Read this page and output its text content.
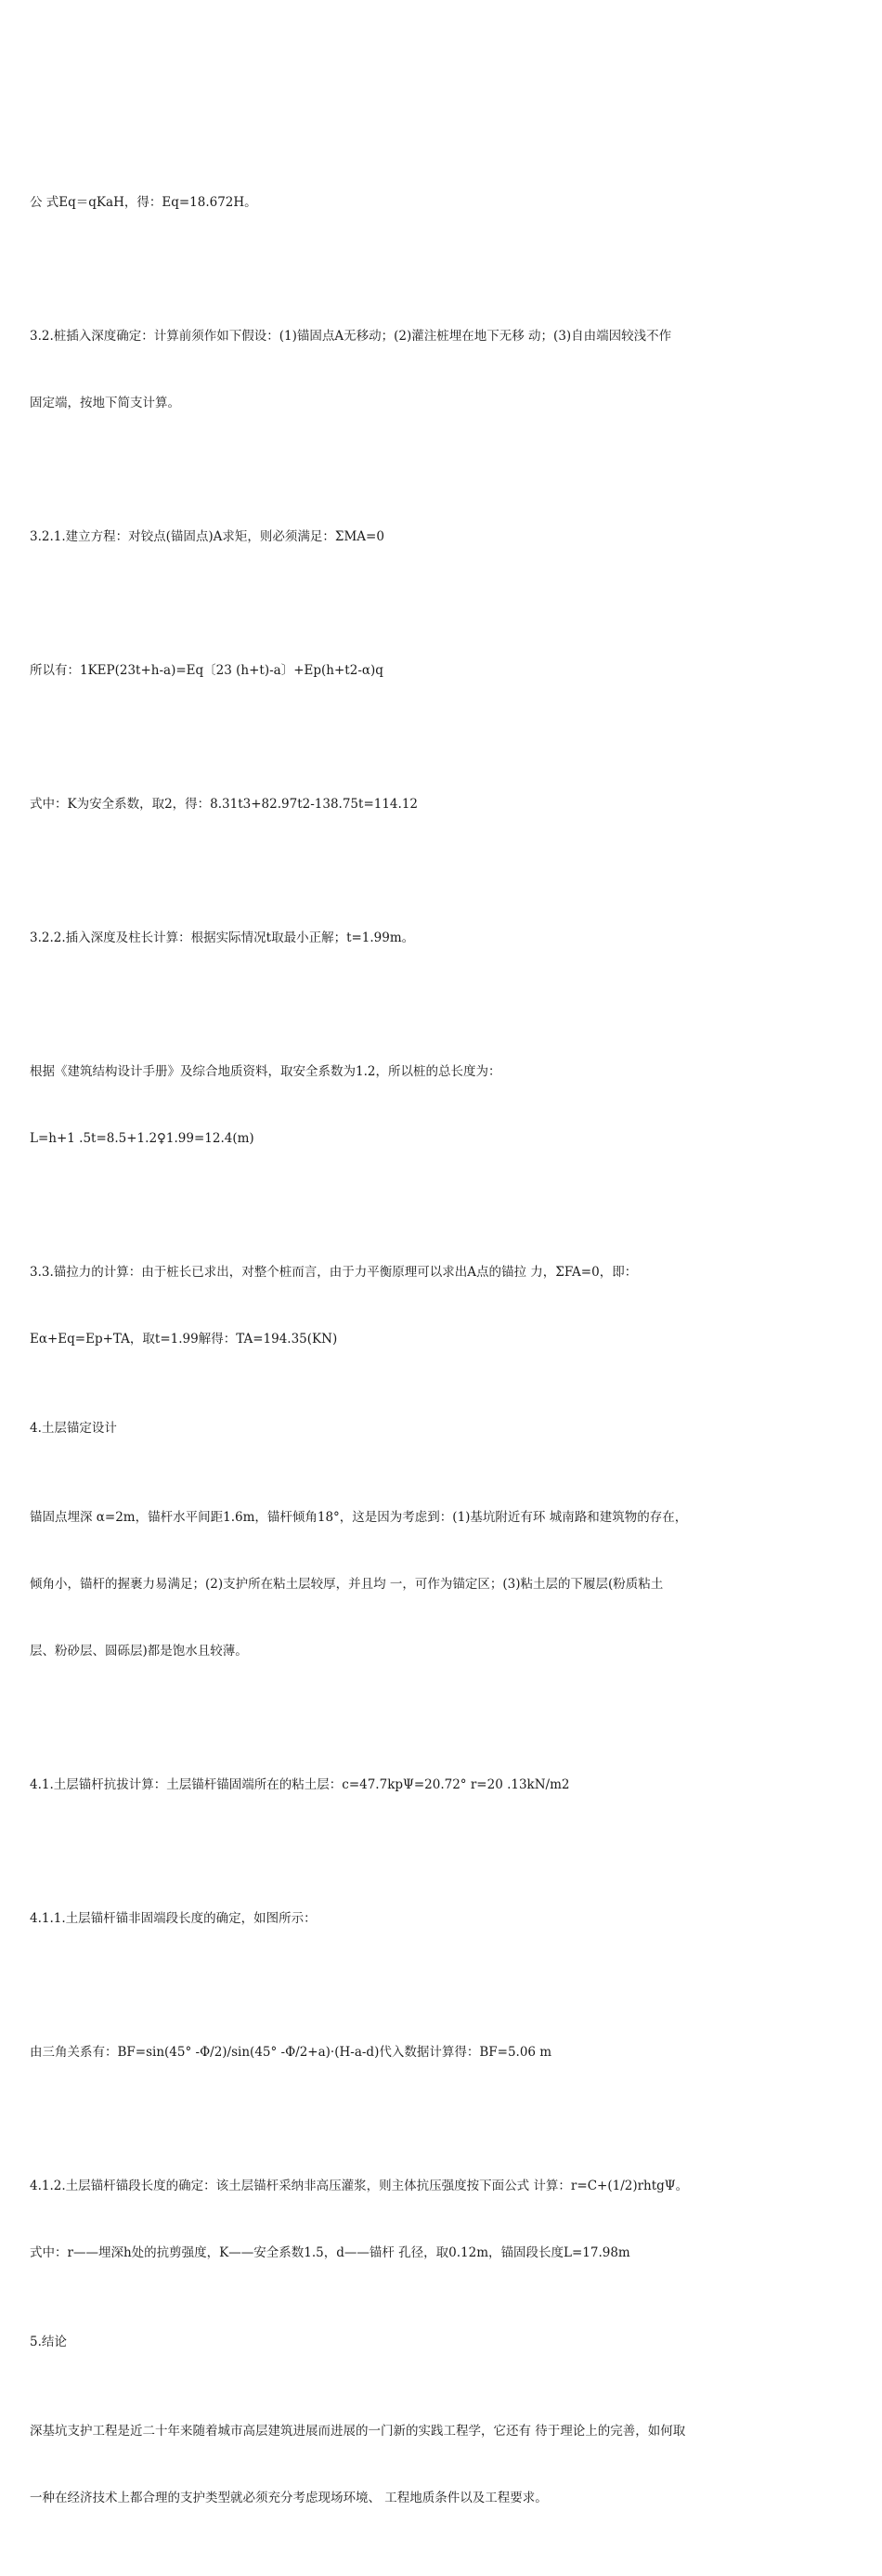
公 式Eq＝qKaH，得：Eq=18.672H。

3.2.桩插入深度确定：计算前须作如下假设：(1)锚固点A无移动；(2)灌注桩埋在地下无移 动；(3)自由端因较浅不作

固定端，按地下简支计算。

3.2.1.建立方程：对铰点(锚固点)A求矩，则必须满足：ΣMA=0

所以有：1KEP(23t+h-a)=Eq〔23 (h+t)-a〕+Ep(h+t2-α)q

式中：K为安全系数，取2，得：8.31t3+82.97t2-138.75t=114.12

3.2.2.插入深度及柱长计算：根据实际情况t取最小正解；t=1.99m。

根据《建筑结构设计手册》及综合地质资料，取安全系数为1.2，所以桩的总长度为：

L=h+1 .5t=8.5+1.2♀1.99=12.4(m)

3.3.锚拉力的计算：由于桩长已求出，对整个桩而言，由于力平衡原理可以求出A点的锚拉 力，ΣFA=0，即：

Eα+Eq=Ep+TA，取t=1.99解得：TA=194.35(KN)

4.土层锚定设计

锚固点埋深 α=2m，锚杆水平间距1.6m，锚杆倾角18°，这是因为考虑到：(1)基坑附近有环 城南路和建筑物的存在，

倾角小，锚杆的握裹力易满足；(2)支护所在粘土层较厚，并且均 一，可作为锚定区；(3)粘土层的下履层(粉质粘土

层、粉砂层、圆砾层)都是饱水且较薄。

4.1.土层锚杆抗拔计算：土层锚杆锚固端所在的粘土层：c=47.7kpΨ=20.72° r=20 .13kN/m2

4.1.1.土层锚杆锚非固端段长度的确定，如图所示：

由三角关系有：BF=sin(45° -Φ/2)/sin(45° -Φ/2+a)·(H-a-d)代入数据计算得：BF=5.06 m

4.1.2.土层锚杆锚段长度的确定：该土层锚杆采纳非高压灌浆，则主体抗压强度按下面公式 计算：r=C+(1/2)rhtgΨ。

式中：r——埋深h处的抗剪强度，K——安全系数1.5，d——锚杆 孔径，取0.12m，锚固段长度L=17.98m

5.结论

深基坑支护工程是近二十年来随着城市高层建筑进展而进展的一门新的实践工程学，它还有 待于理论上的完善，如何取

一种在经济技术上都合理的支护类型就必须充分考虑现场环境、 工程地质条件以及工程要求。
